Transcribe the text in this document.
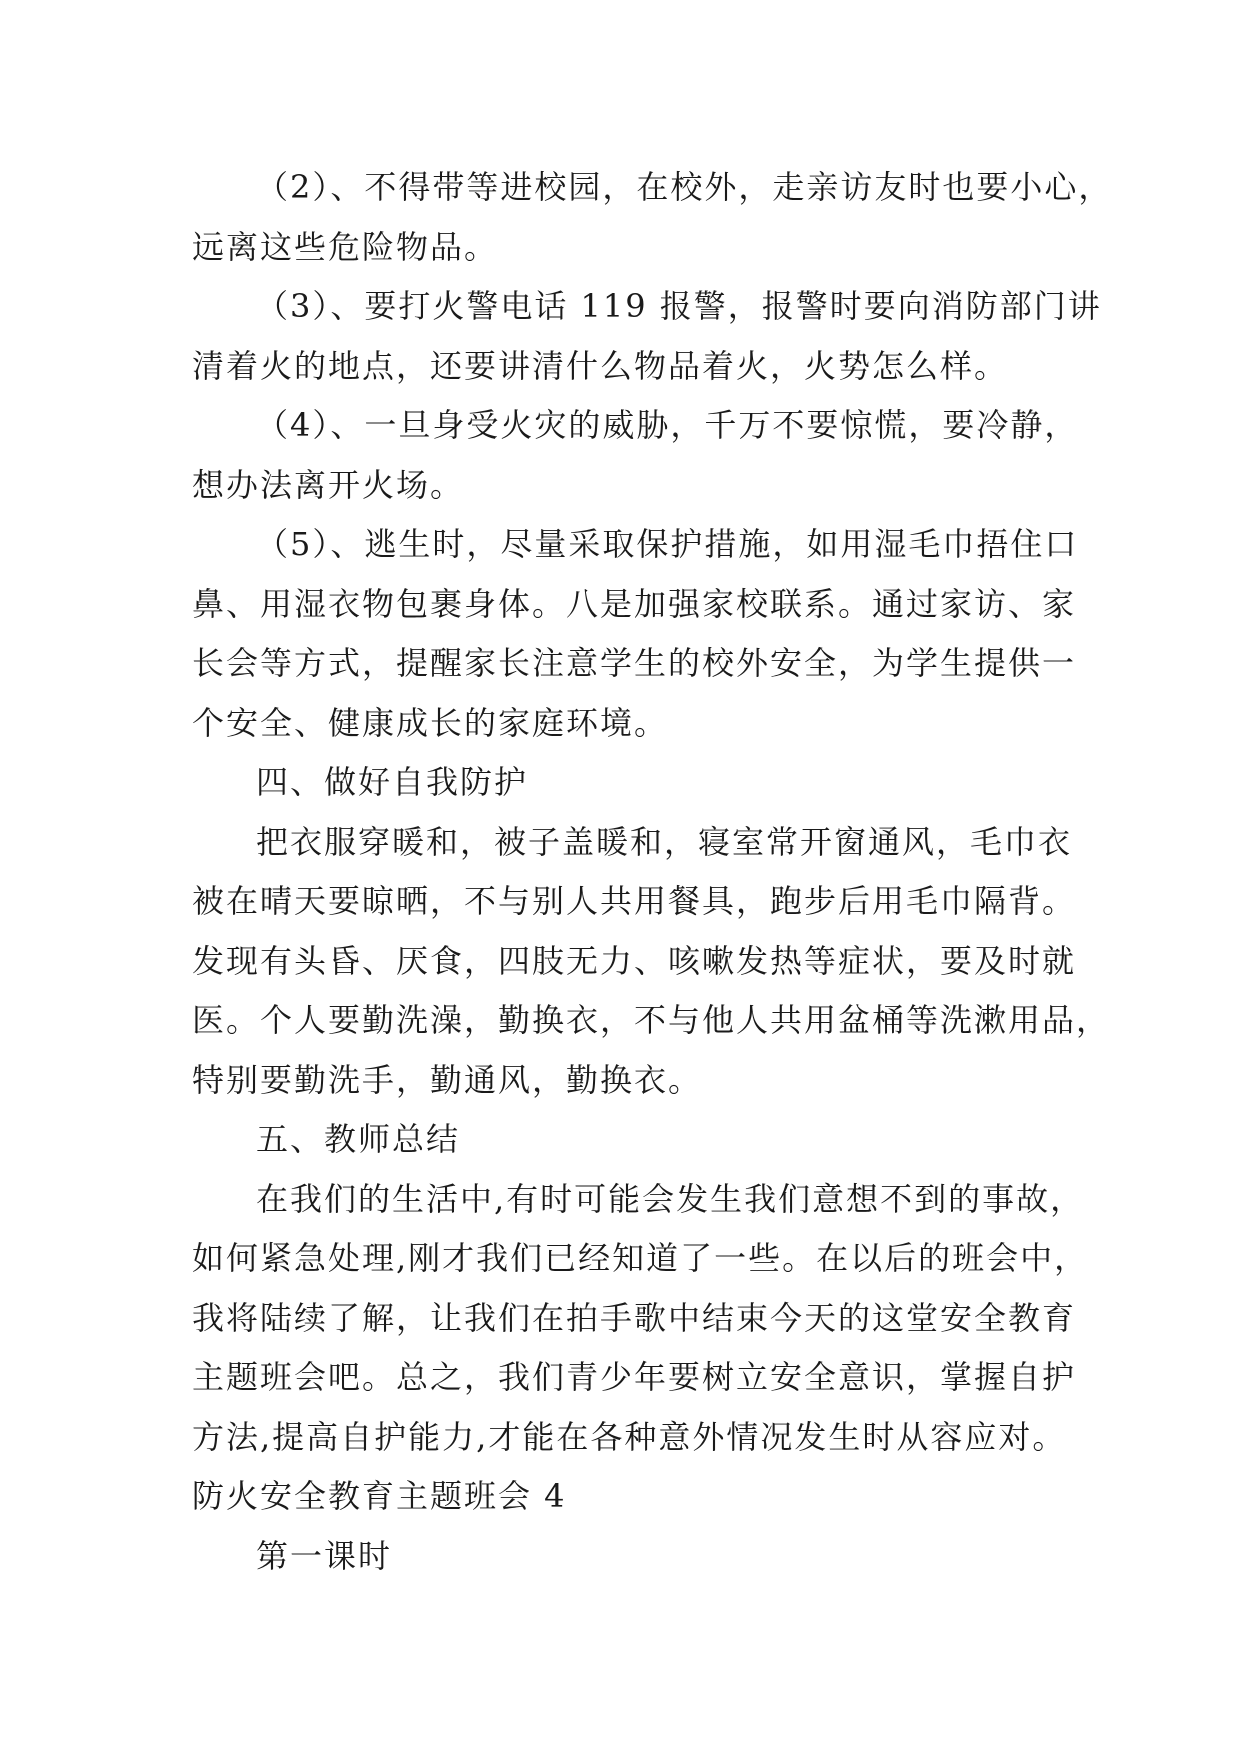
（2）、不得带等进校园，在校外，走亲访友时也要小心，
远离这些危险物品。
（3）、要打火警电话 119 报警，报警时要向消防部门讲
清着火的地点，还要讲清什么物品着火，火势怎么样。
（4）、一旦身受火灾的威胁，千万不要惊慌，要冷静，
想办法离开火场。
（5）、逃生时，尽量采取保护措施，如用湿毛巾捂住口
鼻、用湿衣物包裹身体。八是加强家校联系。通过家访、家
长会等方式，提醒家长注意学生的校外安全，为学生提供一
个安全、健康成长的家庭环境。
四、做好自我防护
把衣服穿暖和，被子盖暖和，寝室常开窗通风，毛巾衣
被在晴天要晾晒，不与别人共用餐具，跑步后用毛巾隔背。
发现有头昏、厌食，四肢无力、咳嗽发热等症状，要及时就
医。个人要勤洗澡，勤换衣，不与他人共用盆桶等洗漱用品，
特别要勤洗手，勤通风，勤换衣。
五、教师总结
在我们的生活中,有时可能会发生我们意想不到的事故，
如何紧急处理,刚才我们已经知道了一些。在以后的班会中，
我将陆续了解，让我们在拍手歌中结束今天的这堂安全教育
主题班会吧。总之，我们青少年要树立安全意识，掌握自护
方法,提高自护能力,才能在各种意外情况发生时从容应对。
防火安全教育主题班会 4
第一课时
